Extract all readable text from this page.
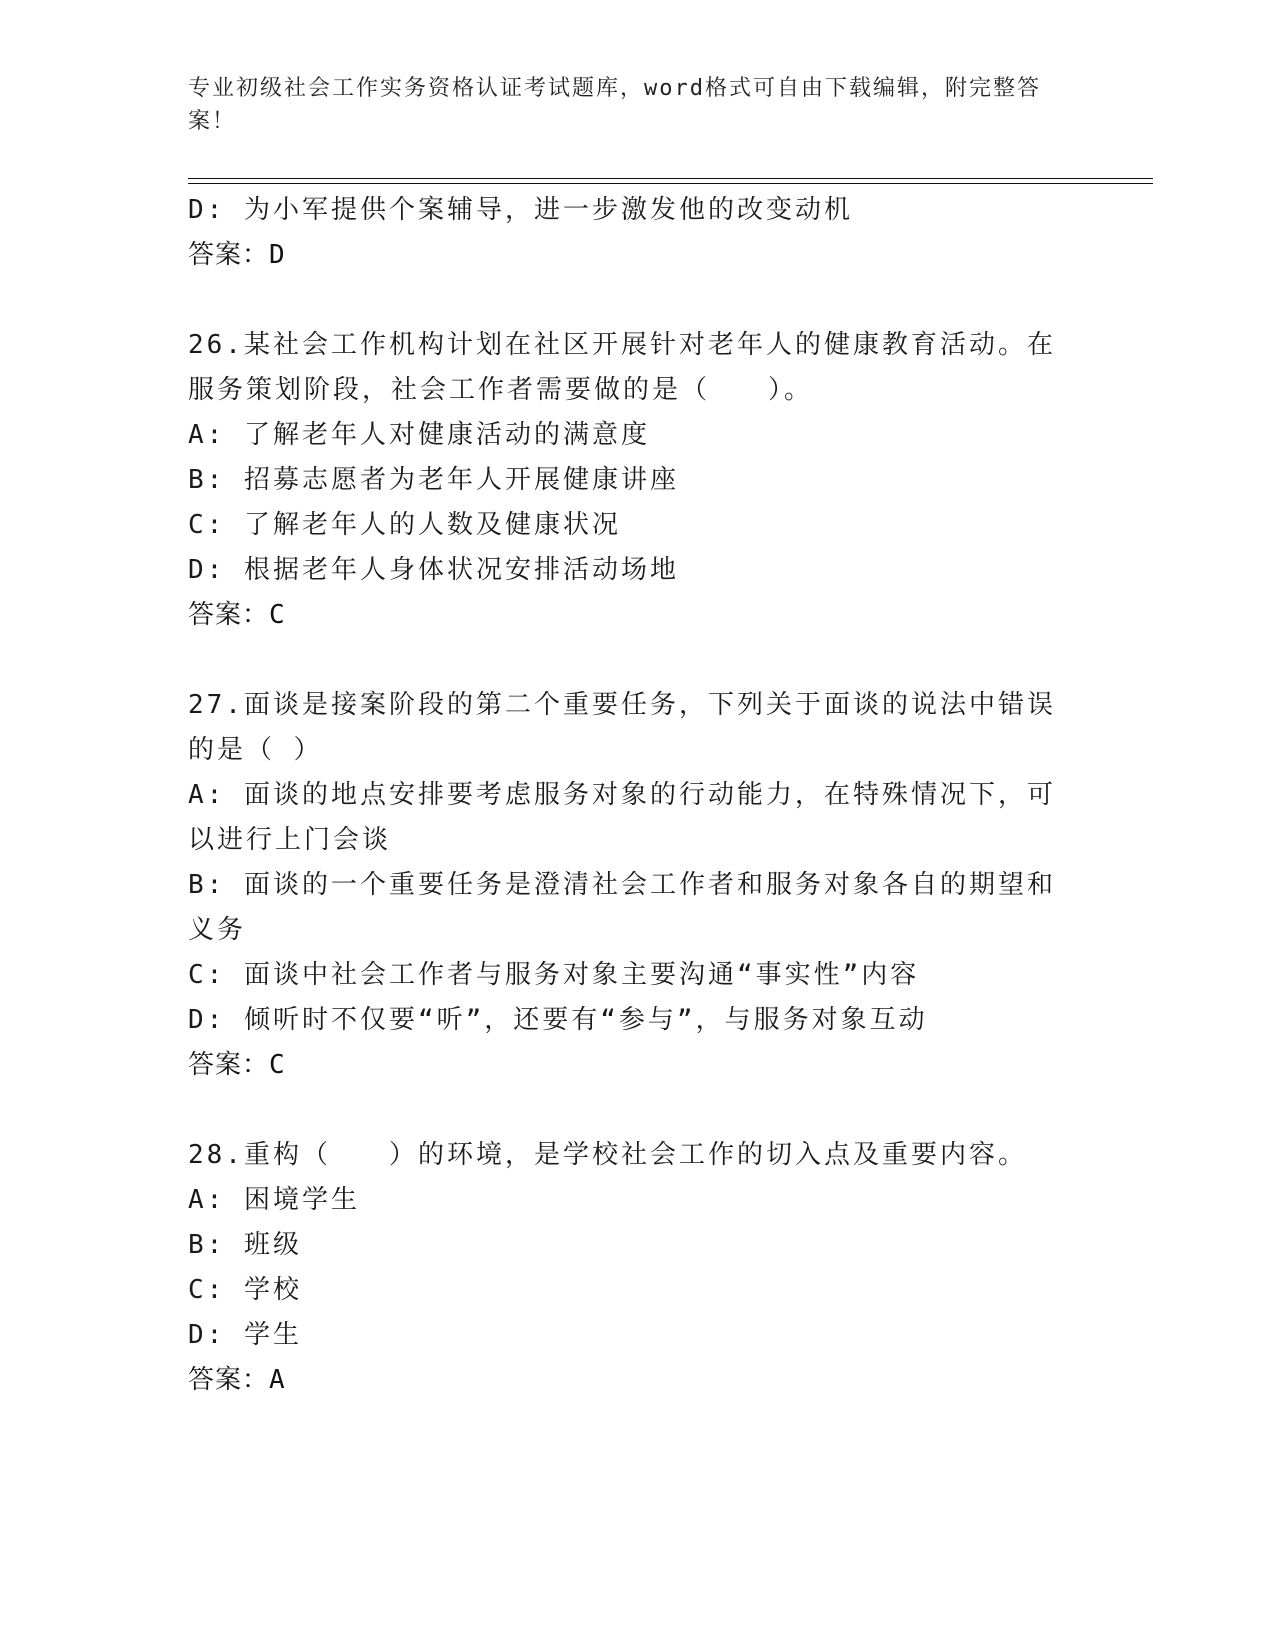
专业初级社会工作实务资格认证考试题库，word格式可自由下载编辑，附完整答案！
D: 为小军提供个案辅导，进一步激发他的改变动机
答案：D
26.某社会工作机构计划在社区开展针对老年人的健康教育活动。在服务策划阶段，社会工作者需要做的是（　　）。
A: 了解老年人对健康活动的满意度
B: 招募志愿者为老年人开展健康讲座
C: 了解老年人的人数及健康状况
D: 根据老年人身体状况安排活动场地
答案：C
27.面谈是接案阶段的第二个重要任务，下列关于面谈的说法中错误的是（ ）
A: 面谈的地点安排要考虑服务对象的行动能力，在特殊情况下，可以进行上门会谈
B: 面谈的一个重要任务是澄清社会工作者和服务对象各自的期望和义务
C: 面谈中社会工作者与服务对象主要沟通“事实性”内容
D: 倾听时不仅要“听”，还要有“参与”，与服务对象互动
答案：C
28.重构（　　）的环境，是学校社会工作的切入点及重要内容。
A: 困境学生
B: 班级
C: 学校
D: 学生
答案：A
